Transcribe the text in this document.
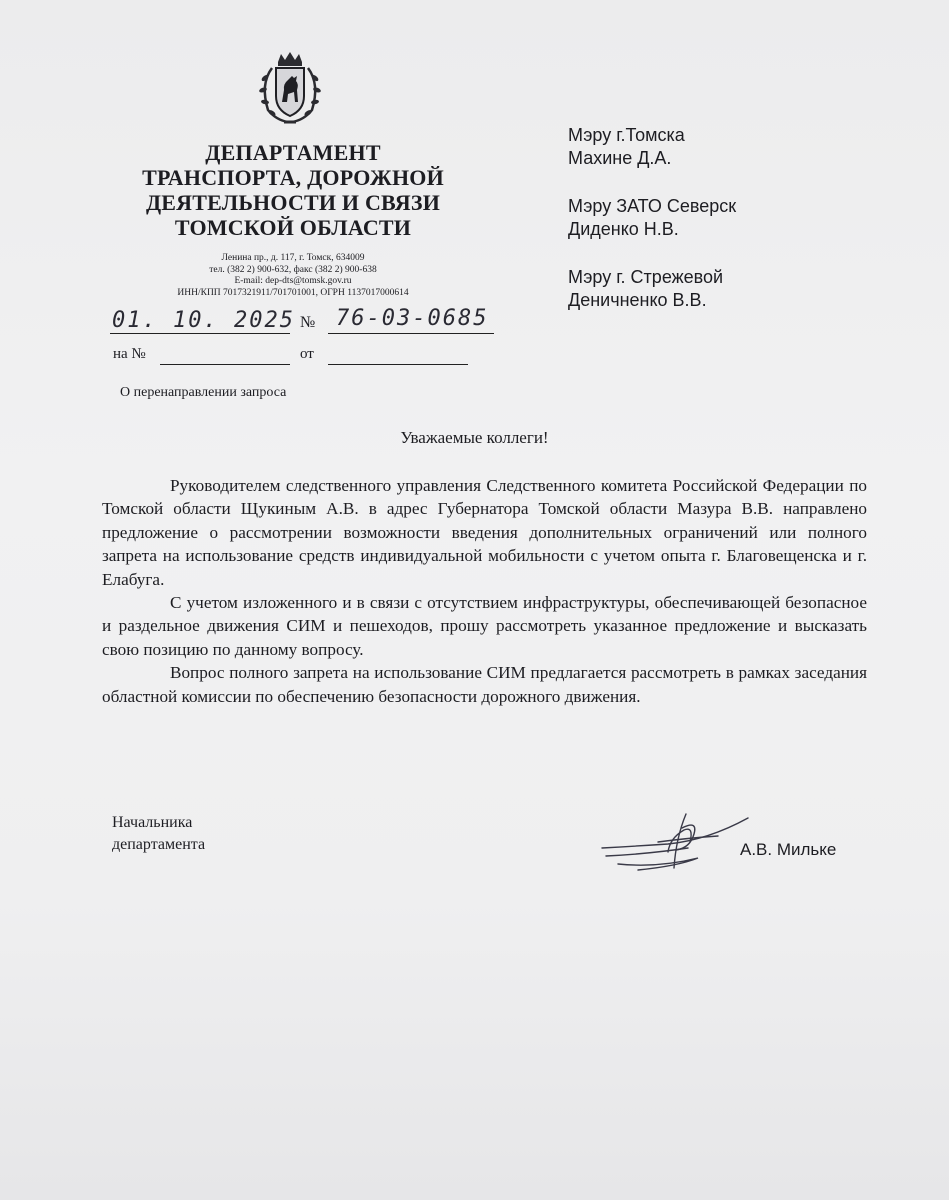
ДЕПАРТАМЕНТ
ТРАНСПОРТА, ДОРОЖНОЙ
ДЕЯТЕЛЬНОСТИ И СВЯЗИ
ТОМСКОЙ ОБЛАСТИ
Ленина пр., д. 117, г. Томск, 634009
тел. (382 2) 900-632, факс (382 2) 900-638
E-mail: dep-dts@tomsk.gov.ru
ИНН/КПП 7017321911/701701001, ОГРН 1137017000614
Мэру г.Томска
Махине Д.А.
Мэру ЗАТО Северск
Диденко Н.В.
Мэру г. Стрежевой
Деничненко В.В.
01. 10. 2025 № 76-03-0685
на №	от
О перенаправлении запроса
Уважаемые коллеги!

Руководителем следственного управления Следственного комитета Российской Федерации по Томской области Щукиным А.В. в адрес Губернатора Томской области Мазура В.В. направлено предложение о рассмотрении возможности введения дополнительных ограничений или полного запрета на использование средств индивидуальной мобильности с учетом опыта г. Благовещенска и г. Елабуга.

С учетом изложенного и в связи с отсутствием инфраструктуры, обеспечивающей безопасное и раздельное движения СИМ и пешеходов, прошу рассмотреть указанное предложение и высказать свою позицию по данному вопросу.

Вопрос полного запрета на использование СИМ предлагается рассмотреть в рамках заседания областной комиссии по обеспечению безопасности дорожного движения.

Начальника
департамента	А.В. Мильке
